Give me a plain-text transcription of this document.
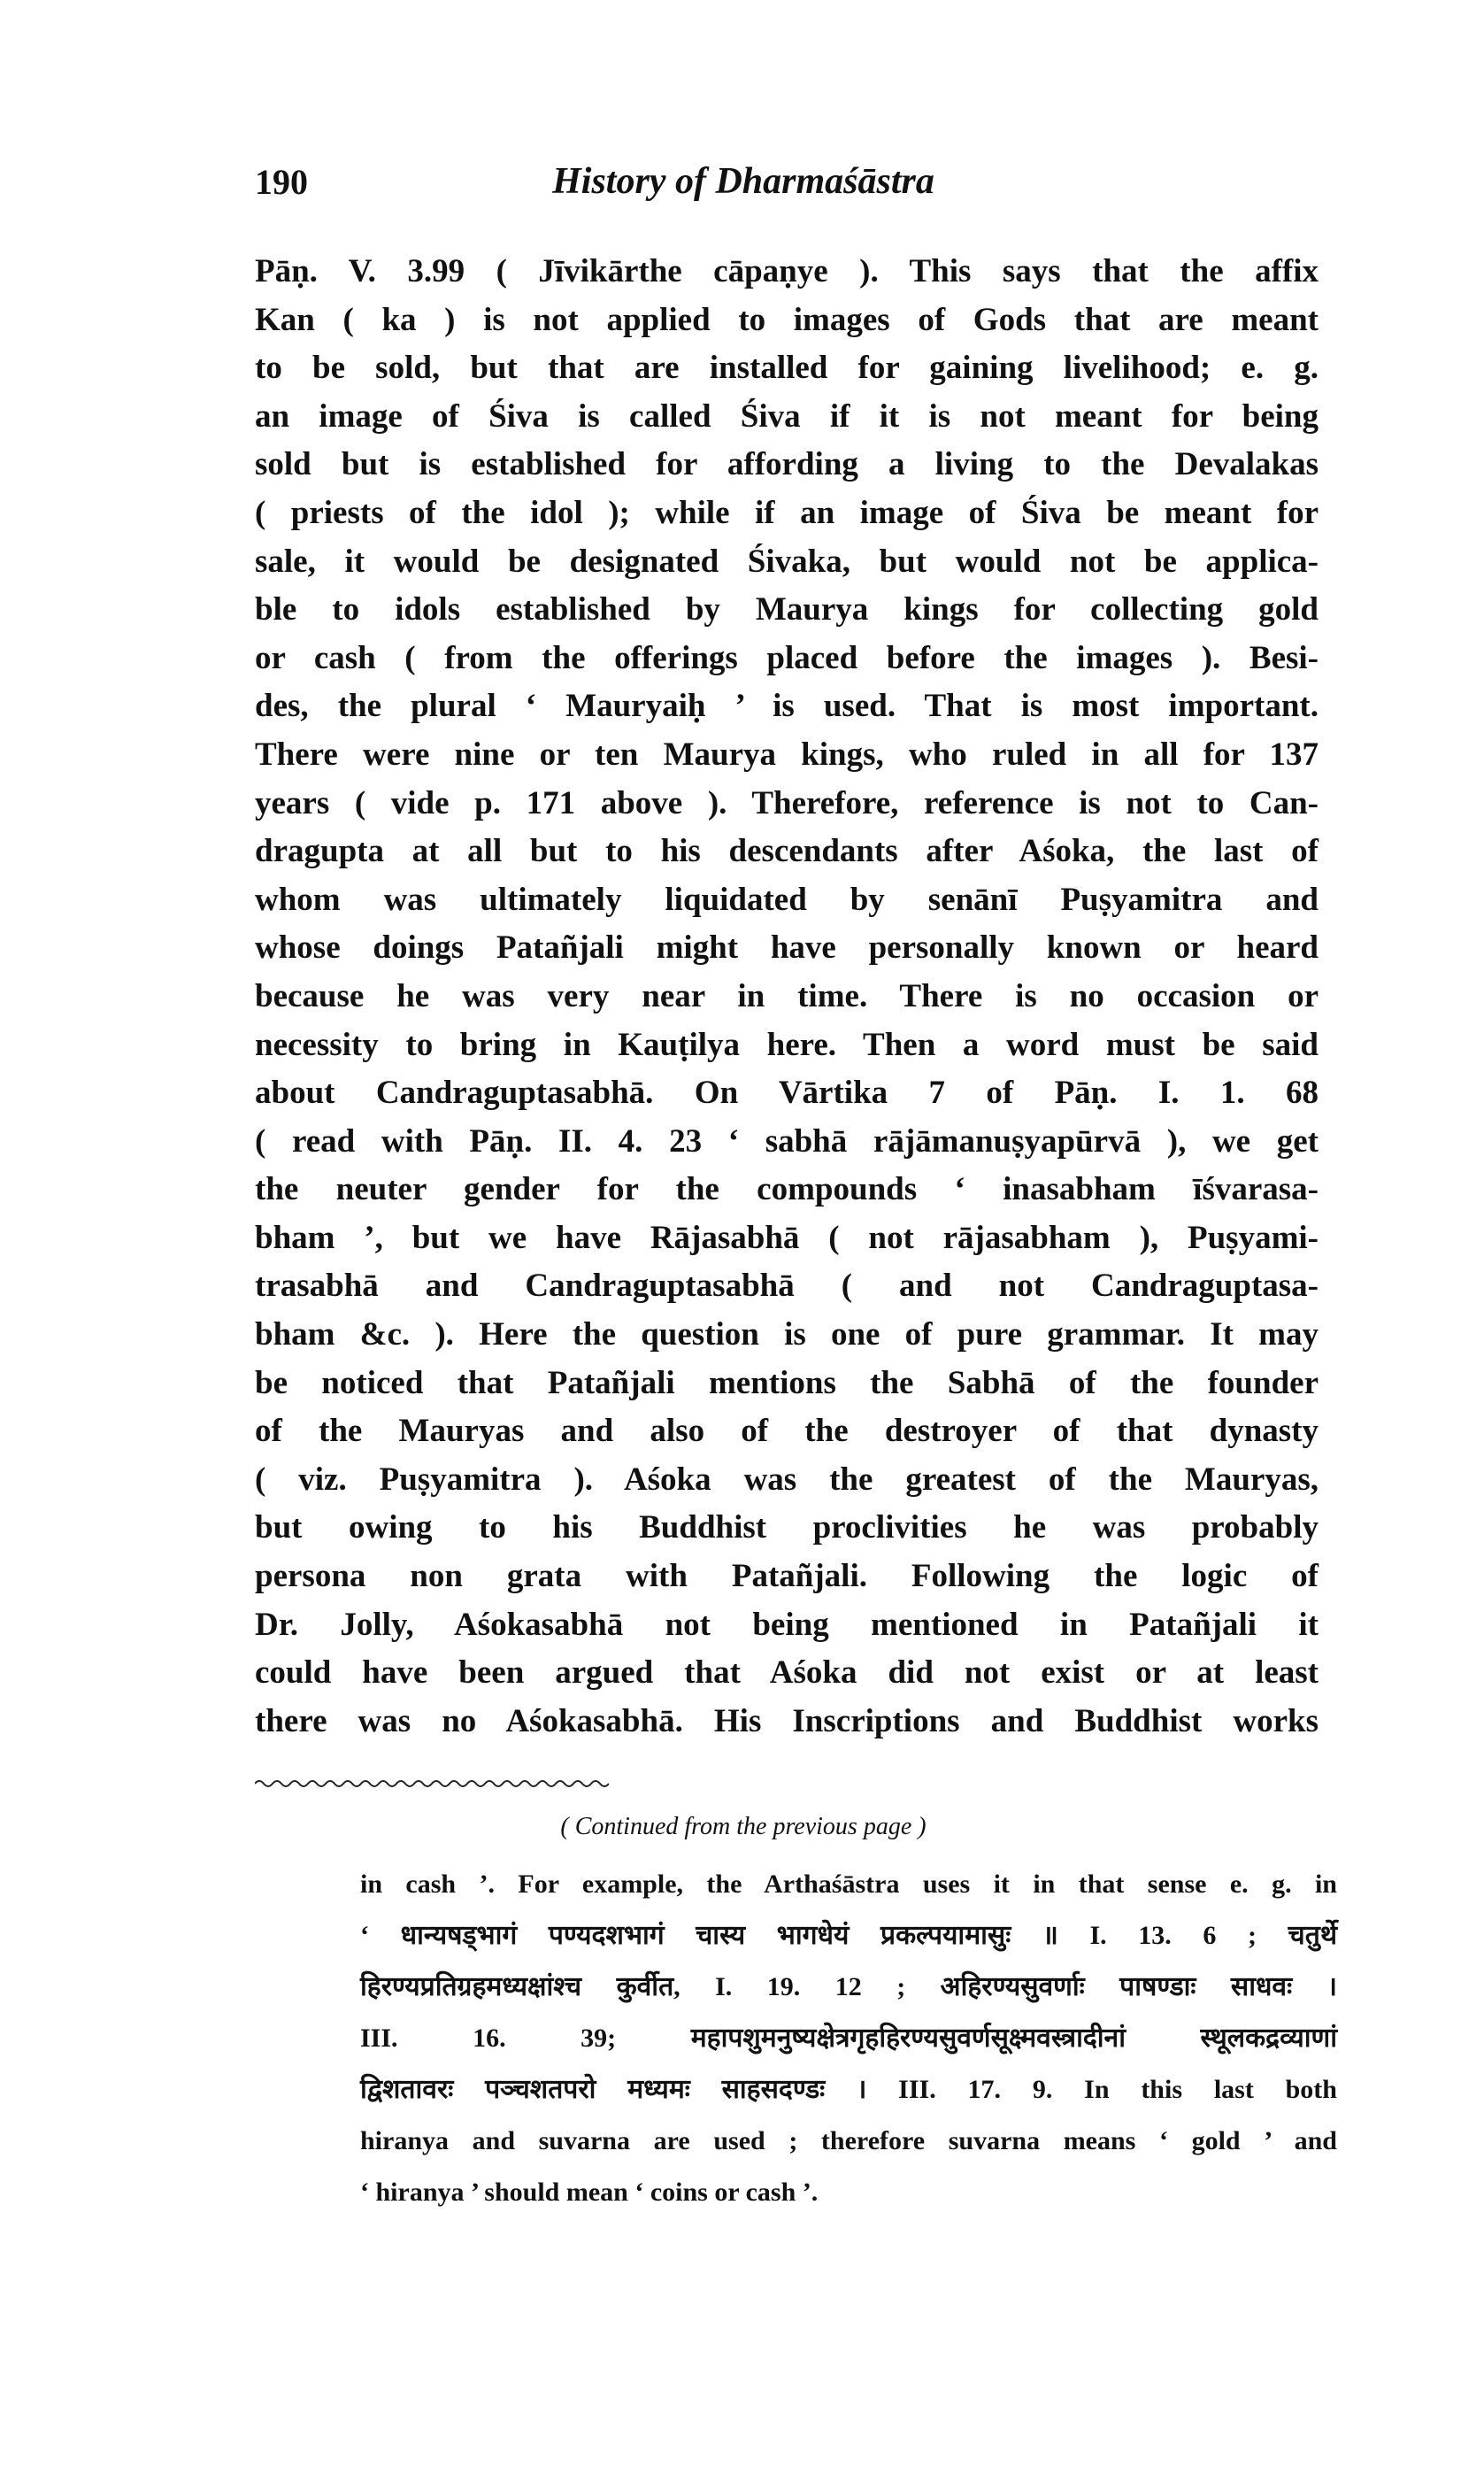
190	History of Dharmaśāstra
Pāṇ. V. 3.99 ( Jīvikārthe cāpaṇye ). This says that the affix
Kan ( ka ) is not applied to images of Gods that are meant
to be sold, but that are installed for gaining livelihood; e. g.
an image of Śiva is called Śiva if it is not meant for being
sold but is established for affording a living to the Devalakas
( priests of the idol ); while if an image of Śiva be meant for
sale, it would be designated Śivaka, but would not be applica-
ble to idols established by Maurya kings for collecting gold
or cash ( from the offerings placed before the images ). Besi-
des, the plural ‘ Mauryaiḥ ’ is used. That is most important.
There were nine or ten Maurya kings, who ruled in all for 137
years ( vide p. 171 above ). Therefore, reference is not to Can-
dragupta at all but to his descendants after Aśoka, the last of
whom was ultimately liquidated by senānī Puṣyamitra and
whose doings Patañjali might have personally known or heard
because he was very near in time. There is no occasion or
necessity to bring in Kauṭilya here. Then a word must be said
about Candraguptasabhā. On Vārtika 7 of Pāṇ. I. 1. 68
( read with Pāṇ. II. 4. 23 ‘ sabhā rājāmanuṣyapūrvā ), we get
the neuter gender for the compounds ‘ inasabham īśvarasa-
bham ’, but we have Rājasabhā ( not rājasabham ), Puṣyami-
trasabhā and Candraguptasabhā ( and not Candraguptasa-
bham &c. ). Here the question is one of pure grammar. It may
be noticed that Patañjali mentions the Sabhā of the founder
of the Mauryas and also of the destroyer of that dynasty
( viz. Puṣyamitra ). Aśoka was the greatest of the Mauryas,
but owing to his Buddhist proclivities he was probably
persona non grata with Patañjali. Following the logic of
Dr. Jolly, Aśokasabhā not being mentioned in Patañjali it
could have been argued that Aśoka did not exist or at least
there was no Aśokasabhā. His Inscriptions and Buddhist works
( Continued from the previous page )
in cash ’. For example, the Arthaśāstra uses it in that sense e. g. in
‘ धान्यषड्भागं पण्यदशभागं चास्य भागधेयं प्रकल्पयामासुः ॥ I. 13. 6 ; चतुर्थे
हिरण्यप्रतिग्रहमध्यक्षांश्च कुर्वीत, I. 19. 12 ; अहिरण्यसुवर्णाः पाषण्डाः साधवः ।
III. 16. 39; महापशुमनुष्यक्षेत्रगृहहिरण्यसुवर्णसूक्ष्मवस्त्रादीनां स्थूलकद्रव्याणां
द्विशतावरः पञ्चशतपरो मध्यमः साहसदण्डः । III. 17. 9. In this last both
hiranya and suvarna are used ; therefore suvarna means ‘ gold ’ and
‘ hiranya ’ should mean ‘ coins or cash ’.
